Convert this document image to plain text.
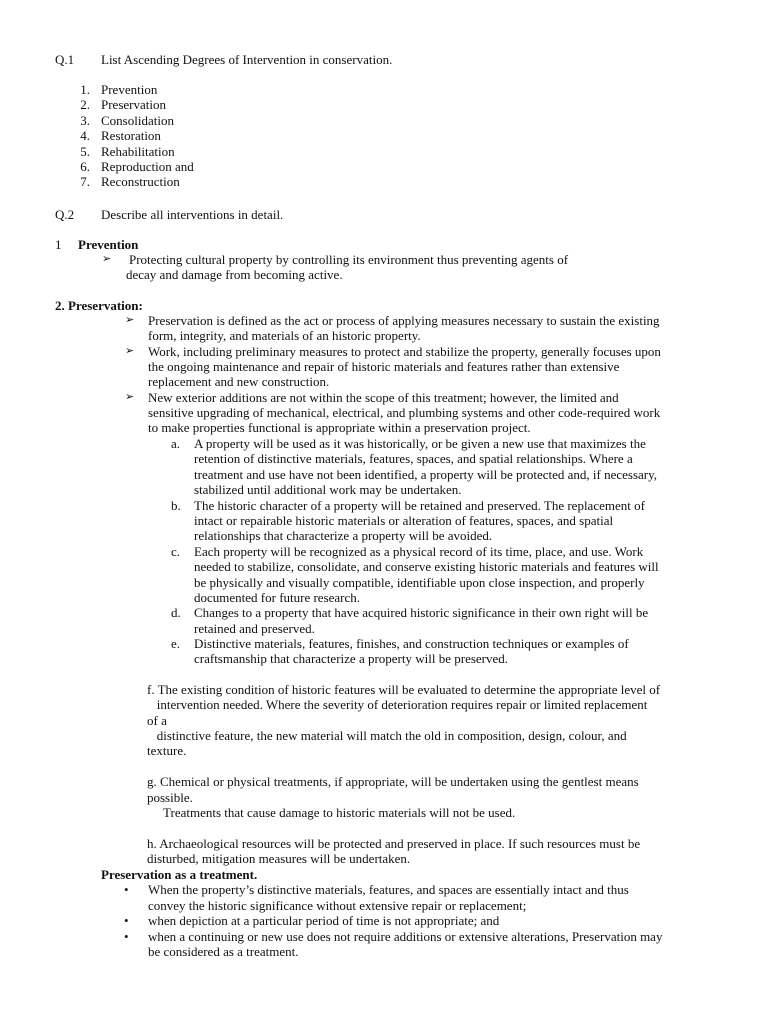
Q.1 List Ascending Degrees of Intervention in conservation.
1. Prevention
2. Preservation
3. Consolidation
4. Restoration
5. Rehabilitation
6. Reproduction and
7. Reconstruction
Q.2 Describe all interventions in detail.
1 Prevention
➢ Protecting cultural property by controlling its environment thus preventing agents of
decay and damage from becoming active.
2. Preservation:
➢ Preservation is defined as the act or process of applying measures necessary to sustain the existing
form, integrity, and materials of an historic property.
➢ Work, including preliminary measures to protect and stabilize the property, generally focuses upon
the ongoing maintenance and repair of historic materials and features rather than extensive
replacement and new construction.
➢ New exterior additions are not within the scope of this treatment; however, the limited and
sensitive upgrading of mechanical, electrical, and plumbing systems and other code-required work
to make properties functional is appropriate within a preservation project.
a. A property will be used as it was historically, or be given a new use that maximizes the
retention of distinctive materials, features, spaces, and spatial relationships. Where a
treatment and use have not been identified, a property will be protected and, if necessary,
stabilized until additional work may be undertaken.
b. The historic character of a property will be retained and preserved. The replacement of
intact or repairable historic materials or alteration of features, spaces, and spatial
relationships that characterize a property will be avoided.
c. Each property will be recognized as a physical record of its time, place, and use. Work
needed to stabilize, consolidate, and conserve existing historic materials and features will
be physically and visually compatible, identifiable upon close inspection, and properly
documented for future research.
d. Changes to a property that have acquired historic significance in their own right will be
retained and preserved.
e. Distinctive materials, features, finishes, and construction techniques or examples of
craftsmanship that characterize a property will be preserved.
f. The existing condition of historic features will be evaluated to determine the appropriate level of
intervention needed. Where the severity of deterioration requires repair or limited replacement
of a
distinctive feature, the new material will match the old in composition, design, colour, and
texture.
g. Chemical or physical treatments, if appropriate, will be undertaken using the gentlest means
possible.
Treatments that cause damage to historic materials will not be used.
h. Archaeological resources will be protected and preserved in place. If such resources must be
disturbed, mitigation measures will be undertaken.
Preservation as a treatment.
• When the property’s distinctive materials, features, and spaces are essentially intact and thus
convey the historic significance without extensive repair or replacement;
• when depiction at a particular period of time is not appropriate; and
• when a continuing or new use does not require additions or extensive alterations, Preservation may
be considered as a treatment.
